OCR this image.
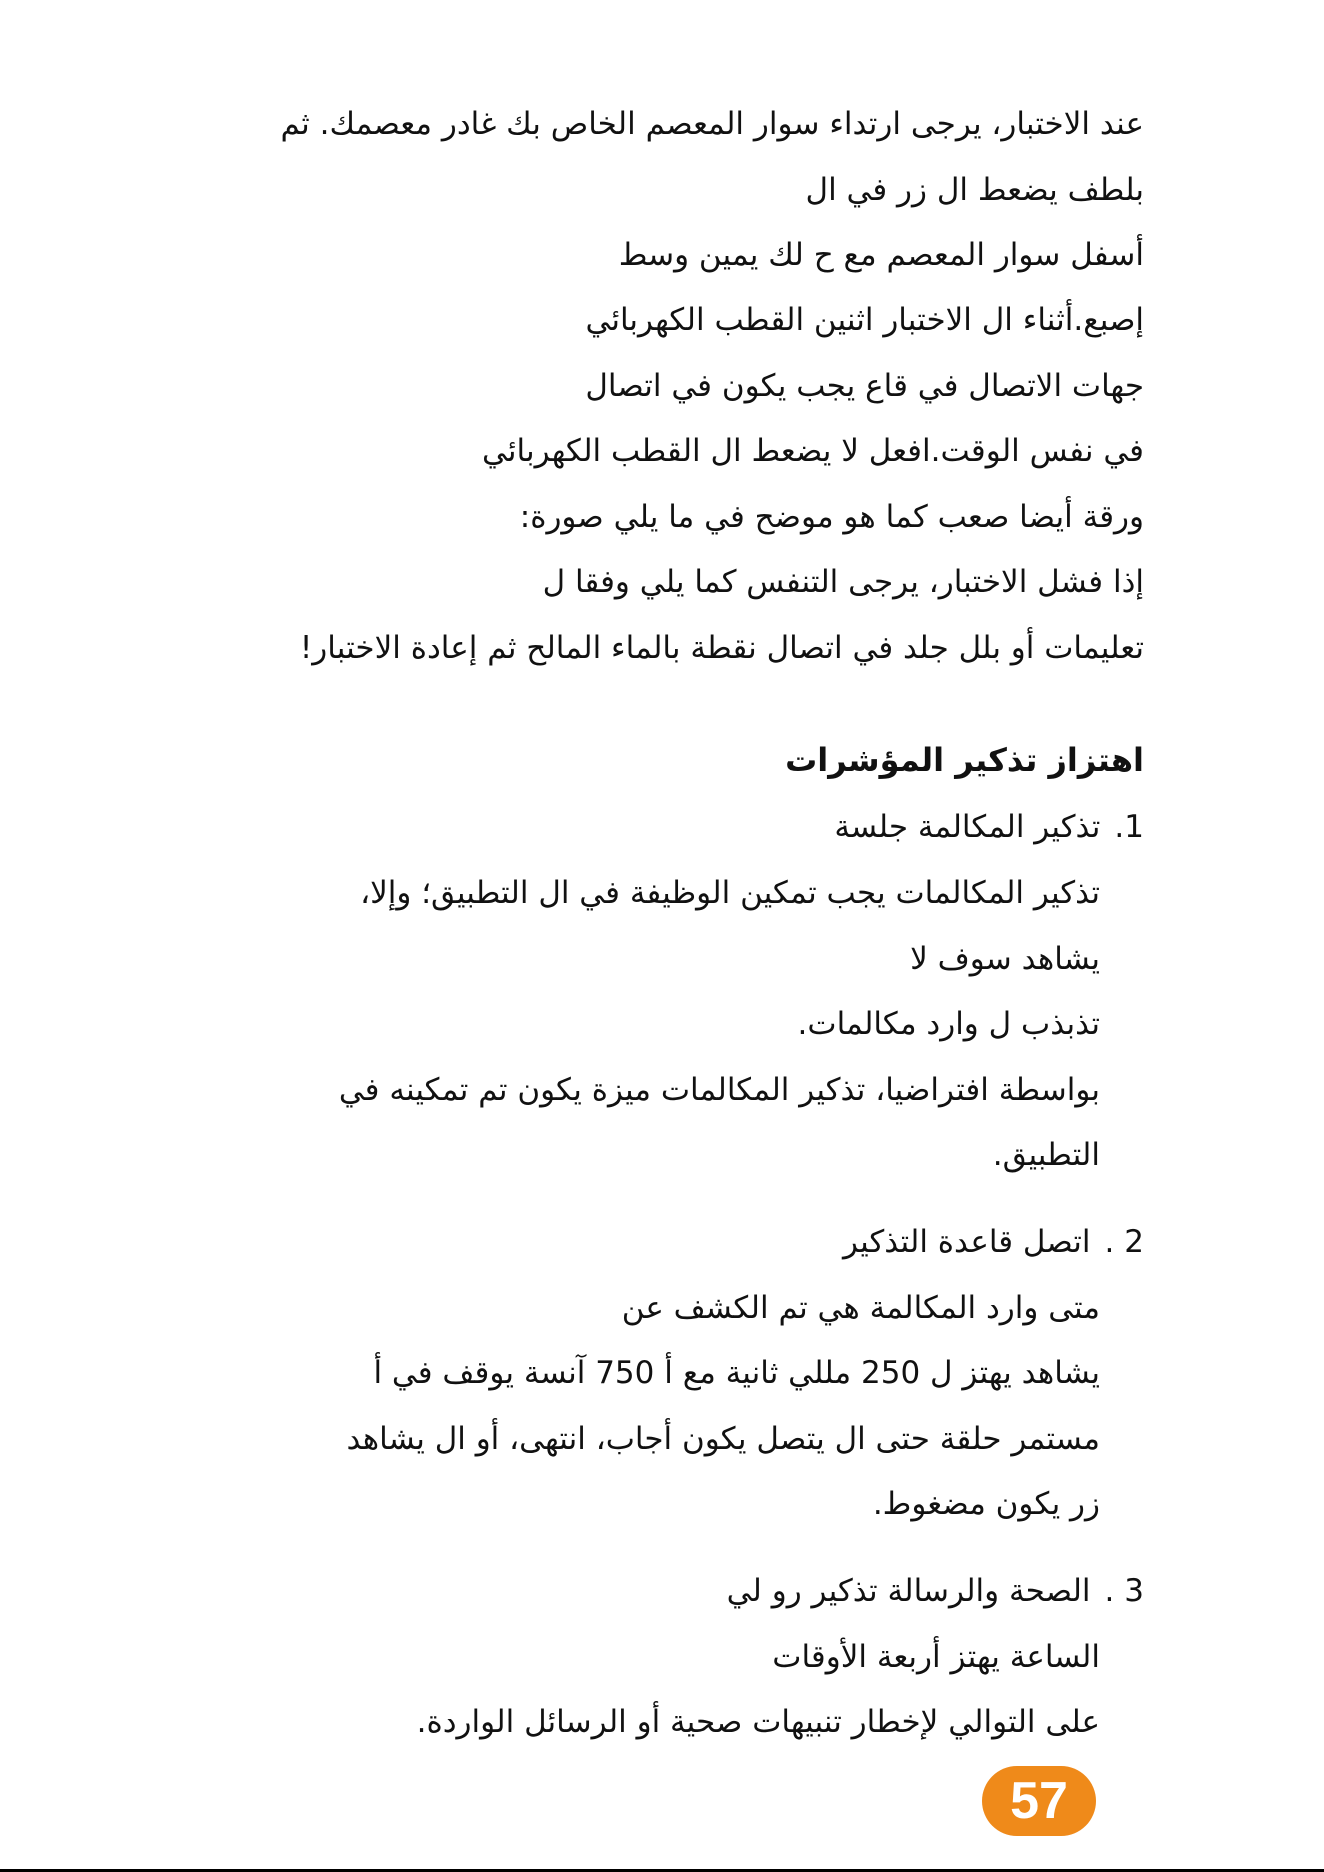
عند الاختبار، يرجى ارتداء سوار المعصم الخاص بك غادر معصمك. ثم
بلطف يضعط ال زر في ال
أسفل سوار المعصم مع ح لك يمين وسط
إصبع.أثناء ال الاختبار اثنين القطب الكهربائي
جهات الاتصال في قاع يجب يكون في اتصال
في نفس الوقت.افعل لا يضعط ال القطب الكهربائي
ورقة أيضا صعب كما هو موضح في ما يلي صورة:
إذا فشل الاختبار، يرجى التنفس كما يلي وفقا ل
تعليمات أو بلل جلد في اتصال نقطة بالماء المالح ثم إعادة الاختبار!
اهتزاز تذكير المؤشرات
1.تذكير المكالمة جلسة
تذكير المكالمات يجب تمكين الوظيفة في ال التطبيق؛ وإلا،
يشاهد سوف لا
تذبذب ل وارد مكالمات.
بواسطة افتراضيا، تذكير المكالمات ميزة يكون تم تمكينه في
التطبيق.
2 .اتصل قاعدة التذكير
متى وارد المكالمة هي تم الكشف عن
يشاهد يهتز ل 250 مللي ثانية مع أ 750 آنسة يوقف في أ
مستمر حلقة حتى ال يتصل يكون أجاب، انتهى، أو ال يشاهد
زر يكون مضغوط.
3 .الصحة والرسالة تذكير رو لي
الساعة يهتز أربعة الأوقات
على التوالي لإخطار تنبيهات صحية أو الرسائل الواردة.
57
